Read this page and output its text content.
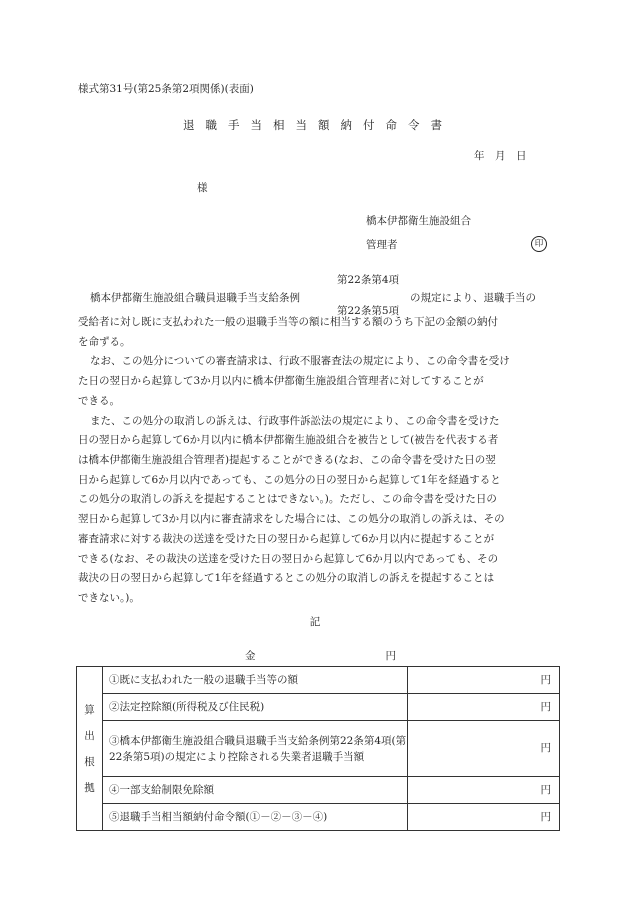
様式第31号(第25条第2項関係)(表面)
退職手当相当額納付命令書
年　月　日
様
橋本伊都衛生施設組合
管理者	印
橋本伊都衛生施設組合職員退職手当支給条例
第22条第4項
第22条第5項
の規定により、退職手当の
受給者に対し既に支払われた一般の退職手当等の額に相当する額のうち下記の金額の納付
を命ずる。
なお、この処分についての審査請求は、行政不服審査法の規定により、この命令書を受け
た日の翌日から起算して3か月以内に橋本伊都衛生施設組合管理者に対してすることが
できる。
また、この処分の取消しの訴えは、行政事件訴訟法の規定により、この命令書を受けた
日の翌日から起算して6か月以内に橋本伊都衛生施設組合を被告として(被告を代表する者
は橋本伊都衛生施設組合管理者)提起することができる(なお、この命令書を受けた日の翌
日から起算して6か月以内であっても、この処分の日の翌日から起算して1年を経過すると
この処分の取消しの訴えを提起することはできない。)。ただし、この命令書を受けた日の
翌日から起算して3か月以内に審査請求をした場合には、この処分の取消しの訴えは、その
審査請求に対する裁決の送達を受けた日の翌日から起算して6か月以内に提起することが
できる(なお、その裁決の送達を受けた日の翌日から起算して6か月以内であっても、その
裁決の日の翌日から起算して1年を経過するとこの処分の取消しの訴えを提起することは
できない。)。
記
金	円
算
出
根
拠	①既に支払われた一般の退職手当等の額	円
	②法定控除額(所得税及び住民税)	円

	③橋本伊都衛生施設組合職員退職手当支給条例第22条第4項(第22条第5項)の規定により控除される失業者退職手当額	円
	④一部支給制限免除額	円
	⑤退職手当相当額納付命令額(①－②－③－④)	円
